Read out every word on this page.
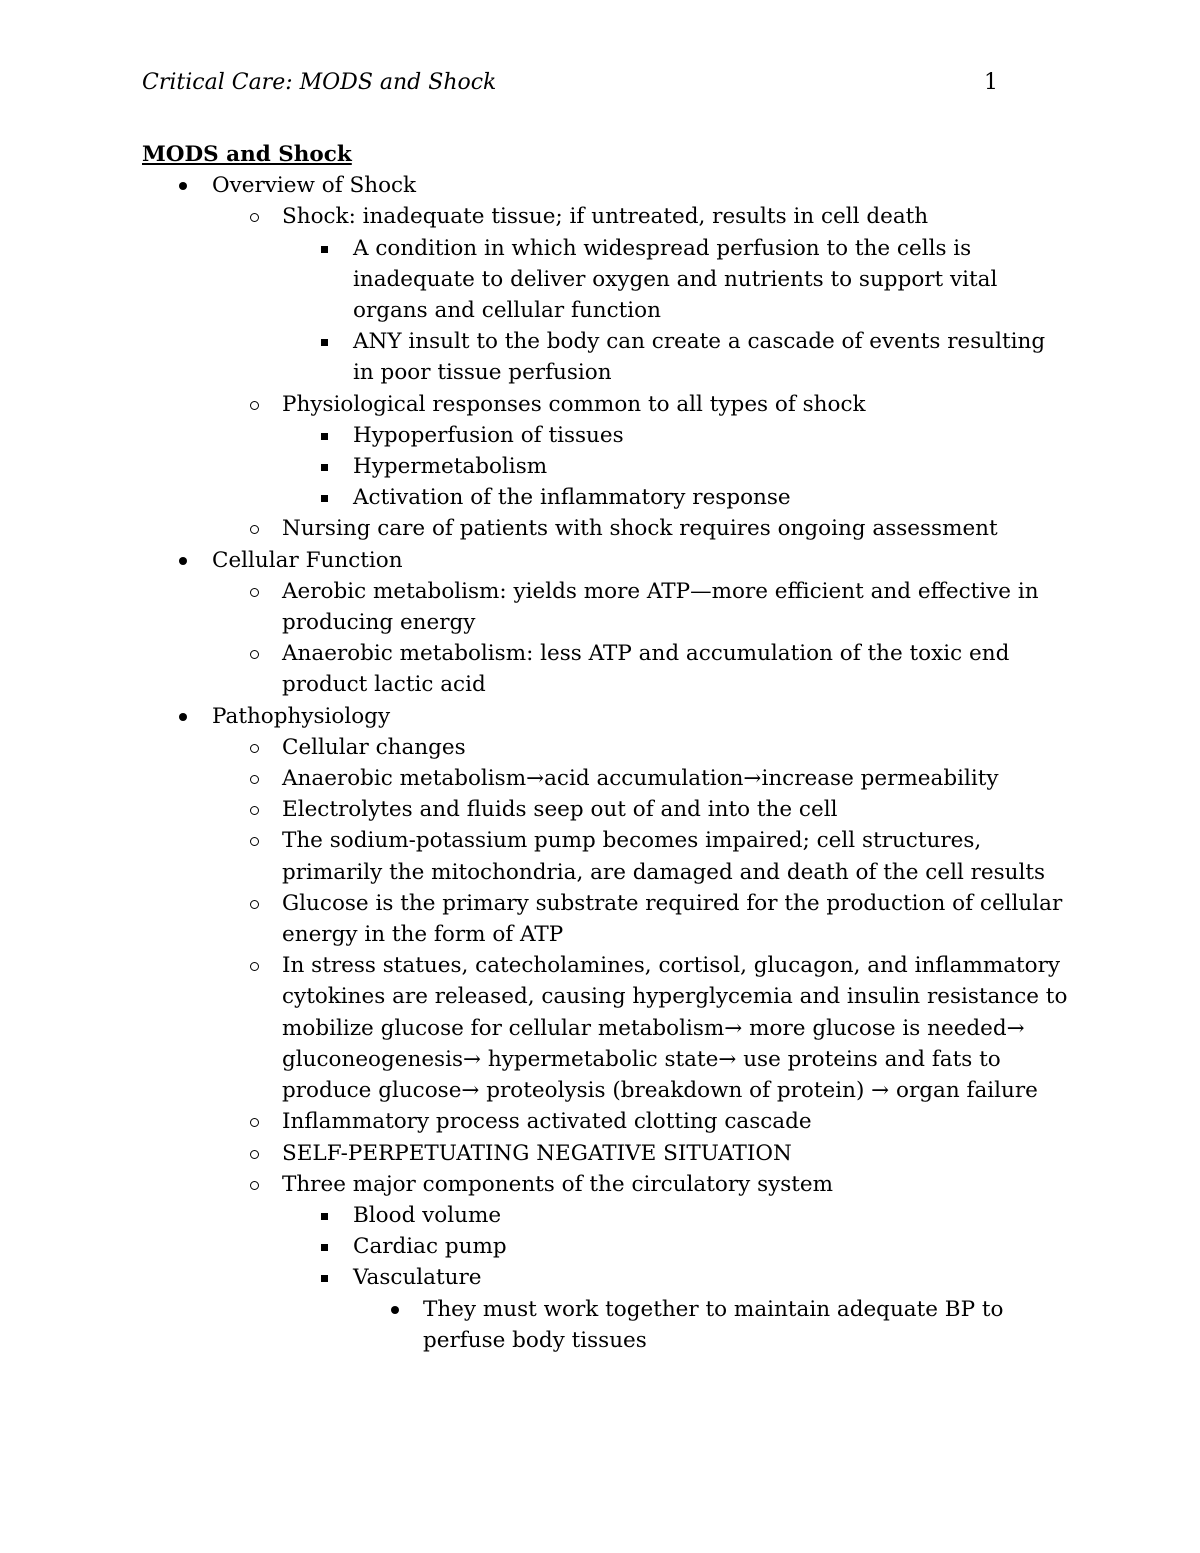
Critical Care: MODS and Shock	1
MODS and Shock
Overview of Shock
Shock: inadequate tissue; if untreated, results in cell death
A condition in which widespread perfusion to the cells is inadequate to deliver oxygen and nutrients to support vital organs and cellular function
ANY insult to the body can create a cascade of events resulting in poor tissue perfusion
Physiological responses common to all types of shock
Hypoperfusion of tissues
Hypermetabolism
Activation of the inflammatory response
Nursing care of patients with shock requires ongoing assessment
Cellular Function
Aerobic metabolism: yields more ATP—more efficient and effective in producing energy
Anaerobic metabolism: less ATP and accumulation of the toxic end product lactic acid
Pathophysiology
Cellular changes
Anaerobic metabolism→acid accumulation→increase permeability
Electrolytes and fluids seep out of and into the cell
The sodium-potassium pump becomes impaired; cell structures, primarily the mitochondria, are damaged and death of the cell results
Glucose is the primary substrate required for the production of cellular energy in the form of ATP
In stress statues, catecholamines, cortisol, glucagon, and inflammatory cytokines are released, causing hyperglycemia and insulin resistance to mobilize glucose for cellular metabolism→ more glucose is needed→ gluconeogenesis→ hypermetabolic state→ use proteins and fats to produce glucose→ proteolysis (breakdown of protein) → organ failure
Inflammatory process activated clotting cascade
SELF-PERPETUATING NEGATIVE SITUATION
Three major components of the circulatory system
Blood volume
Cardiac pump
Vasculature
They must work together to maintain adequate BP to perfuse body tissues
